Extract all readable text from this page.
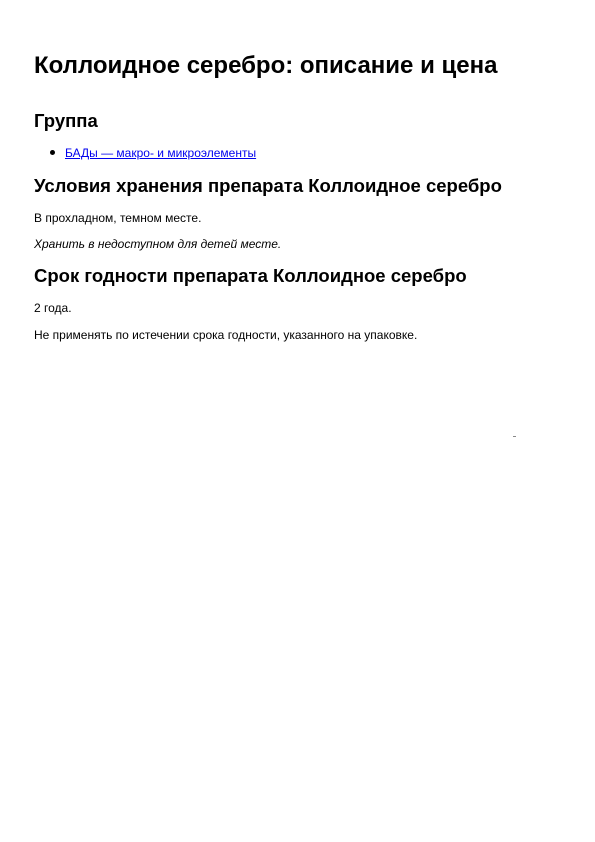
Коллоидное серебро: описание и цена
Группа
БАДы — макро- и микроэлементы
Условия хранения препарата Коллоидное серебро

В прохладном, темном месте.

Хранить в недоступном для детей месте.

Срок годности препарата Коллоидное серебро

2 года.

Не применять по истечении срока годности, указанного на упаковке.
